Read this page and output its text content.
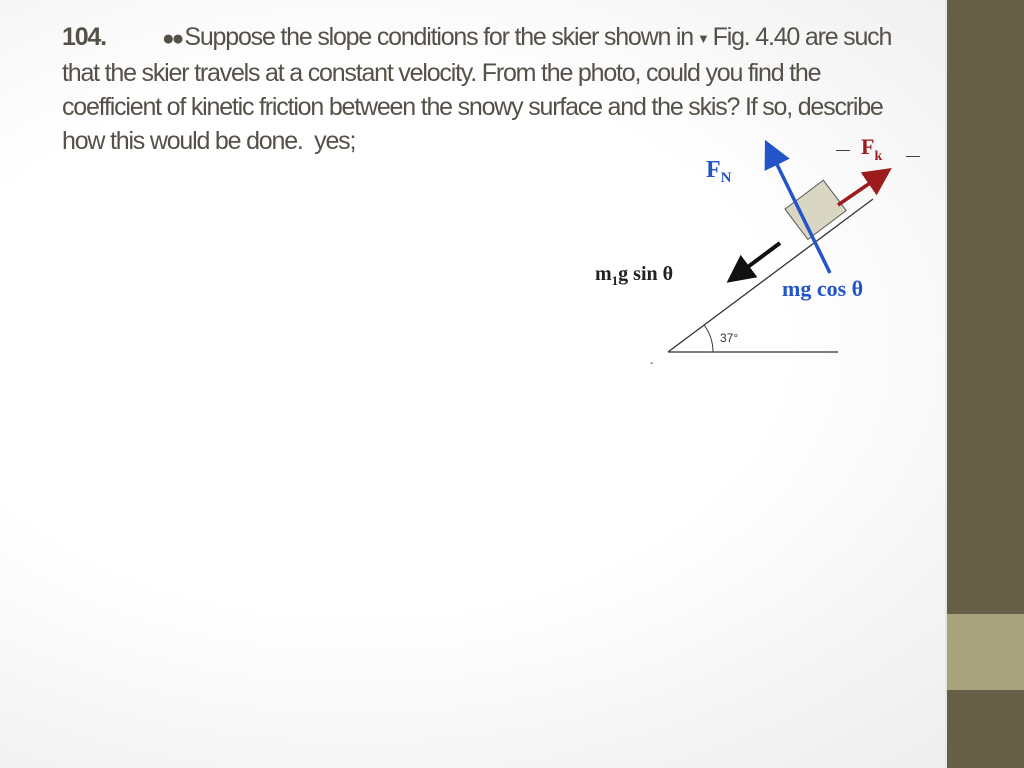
104.	●● Suppose the slope conditions for the skier shown in ▼ Fig. 4.40 are such that the skier travels at a constant velocity. From the photo, could you find the coefficient of kinetic friction between the snowy surface and the skis? If so, describe how this would be done. yes;
37°
-
$F_N$
— $F_k$ —
$m_1g$ sin θ
mg cos θ
